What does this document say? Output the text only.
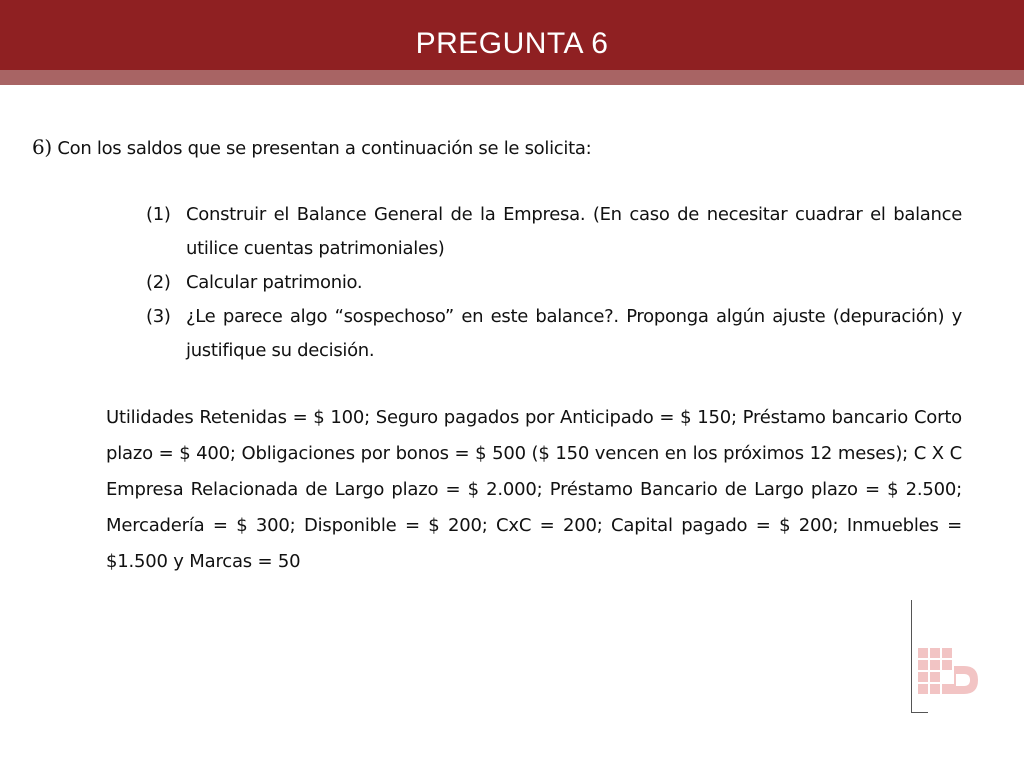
PREGUNTA 6
6) Con los saldos que se presentan a continuación se le solicita:
(1) Construir el Balance General de la Empresa. (En caso de necesitar cuadrar el balance utilice cuentas patrimoniales)
(2) Calcular patrimonio.
(3) ¿Le parece algo “sospechoso” en este balance?. Proponga algún ajuste (depuración) y justifique su decisión.
Utilidades Retenidas = $ 100; Seguro pagados por Anticipado = $ 150; Préstamo bancario Corto plazo = $ 400; Obligaciones por bonos = $ 500 ($ 150 vencen en los próximos 12 meses); C X C Empresa Relacionada de Largo plazo = $ 2.000; Préstamo Bancario de Largo plazo = $ 2.500; Mercadería = $ 300; Disponible = $ 200; CxC = 200; Capital pagado = $ 200; Inmuebles = $1.500 y Marcas = 50
